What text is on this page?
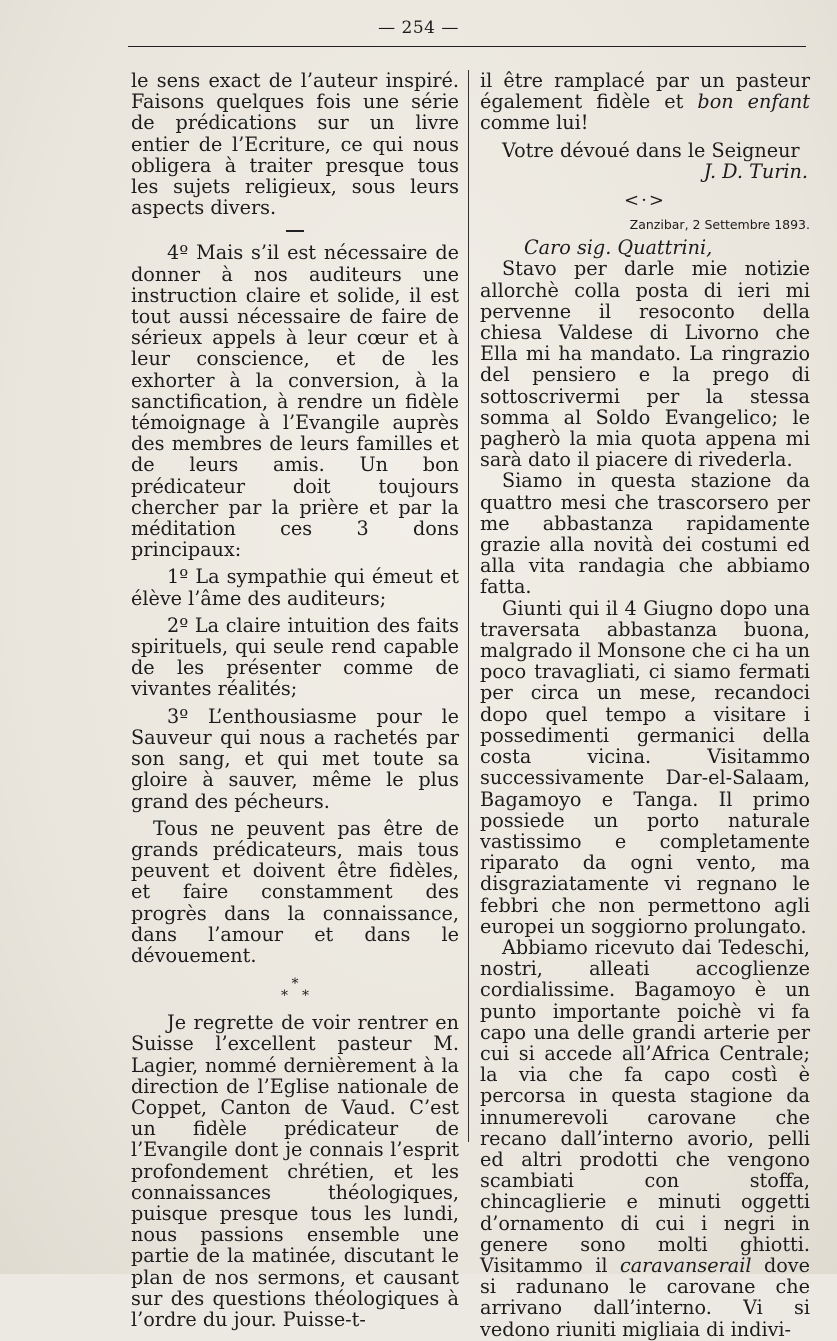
— 254 —

le sens exact de l’auteur inspiré. Faisons quelques fois une série de prédications sur un livre entier de l’Ecriture, ce qui nous obligera à traiter presque tous les sujets religieux, sous leurs aspects divers.

4º Mais s’il est nécessaire de donner à nos auditeurs une instruction claire et solide, il est tout aussi nécessaire de faire de sérieux appels à leur cœur et à leur conscience, et de les exhorter à la conversion, à la sanctification, à rendre un fidèle témoignage à l’Evangile auprès des membres de leurs familles et de leurs amis. Un bon prédicateur doit toujours chercher par la prière et par la méditation ces 3 dons principaux:

1º La sympathie qui émeut et élève l’âme des auditeurs;

2º La claire intuition des faits spirituels, qui seule rend capable de les présenter comme de vivantes réalités;

3º L’enthousiasme pour le Sauveur qui nous a rachetés par son sang, et qui met toute sa gloire à sauver, même le plus grand des pécheurs.

Tous ne peuvent pas être de grands prédicateurs, mais tous peuvent et doivent être fidèles, et faire constamment des progrès dans la connaissance, dans l’amour et dans le dévouement.

*
**

Je regrette de voir rentrer en Suisse l’excellent pasteur M. Lagier, nommé dernièrement à la direction de l’Eglise nationale de Coppet, Canton de Vaud. C’est un fidèle prédicateur de l’Evangile dont je connais l’esprit profondement chrétien, et les connaissances théologiques, puisque presque tous les lundi, nous passions ensemble une partie de la matinée, discutant le plan de nos sermons, et causant sur des questions théologiques à l’ordre du jour. Puisse-t-

il être ramplacé par un pasteur également fidèle et bon enfant comme lui!

Votre dévoué dans le Seigneur

J. D. Turin.

<·>
Zanzibar, 2 Settembre 1893.

Caro sig. Quattrini,

Stavo per darle mie notizie allorchè colla posta di ieri mi pervenne il resoconto della chiesa Valdese di Livorno che Ella mi ha mandato. La ringrazio del pensiero e la prego di sottoscrivermi per la stessa somma al Soldo Evangelico; le pagherò la mia quota appena mi sarà dato il piacere di rivederla.

Siamo in questa stazione da quattro mesi che trascorsero per me abbastanza rapidamente grazie alla novità dei costumi ed alla vita randagia che abbiamo fatta.

Giunti qui il 4 Giugno dopo una traversata abbastanza buona, malgrado il Monsone che ci ha un poco travagliati, ci siamo fermati per circa un mese, recandoci dopo quel tempo a visitare i possedimenti germanici della costa vicina. Visitammo successivamente Dar-el-Salaam, Bagamoyo e Tanga. Il primo possiede un porto naturale vastissimo e completamente riparato da ogni vento, ma disgraziatamente vi regnano le febbri che non permettono agli europei un soggiorno prolungato.

Abbiamo ricevuto dai Tedeschi, nostri, alleati accoglienze cordialissime. Bagamoyo è un punto importante poichè vi fa capo una delle grandi arterie per cui si accede all’Africa Centrale; la via che fa capo costì è percorsa in questa stagione da innumerevoli carovane che recano dall’interno avorio, pelli ed altri prodotti che vengono scambiati con stoffa, chincaglierie e minuti oggetti d’ornamento di cui i negri in genere sono molti ghiotti. Visitammo il caravanserail dove si radunano le carovane che arrivano dall’interno. Vi si vedono riuniti migliaia di indivi-
